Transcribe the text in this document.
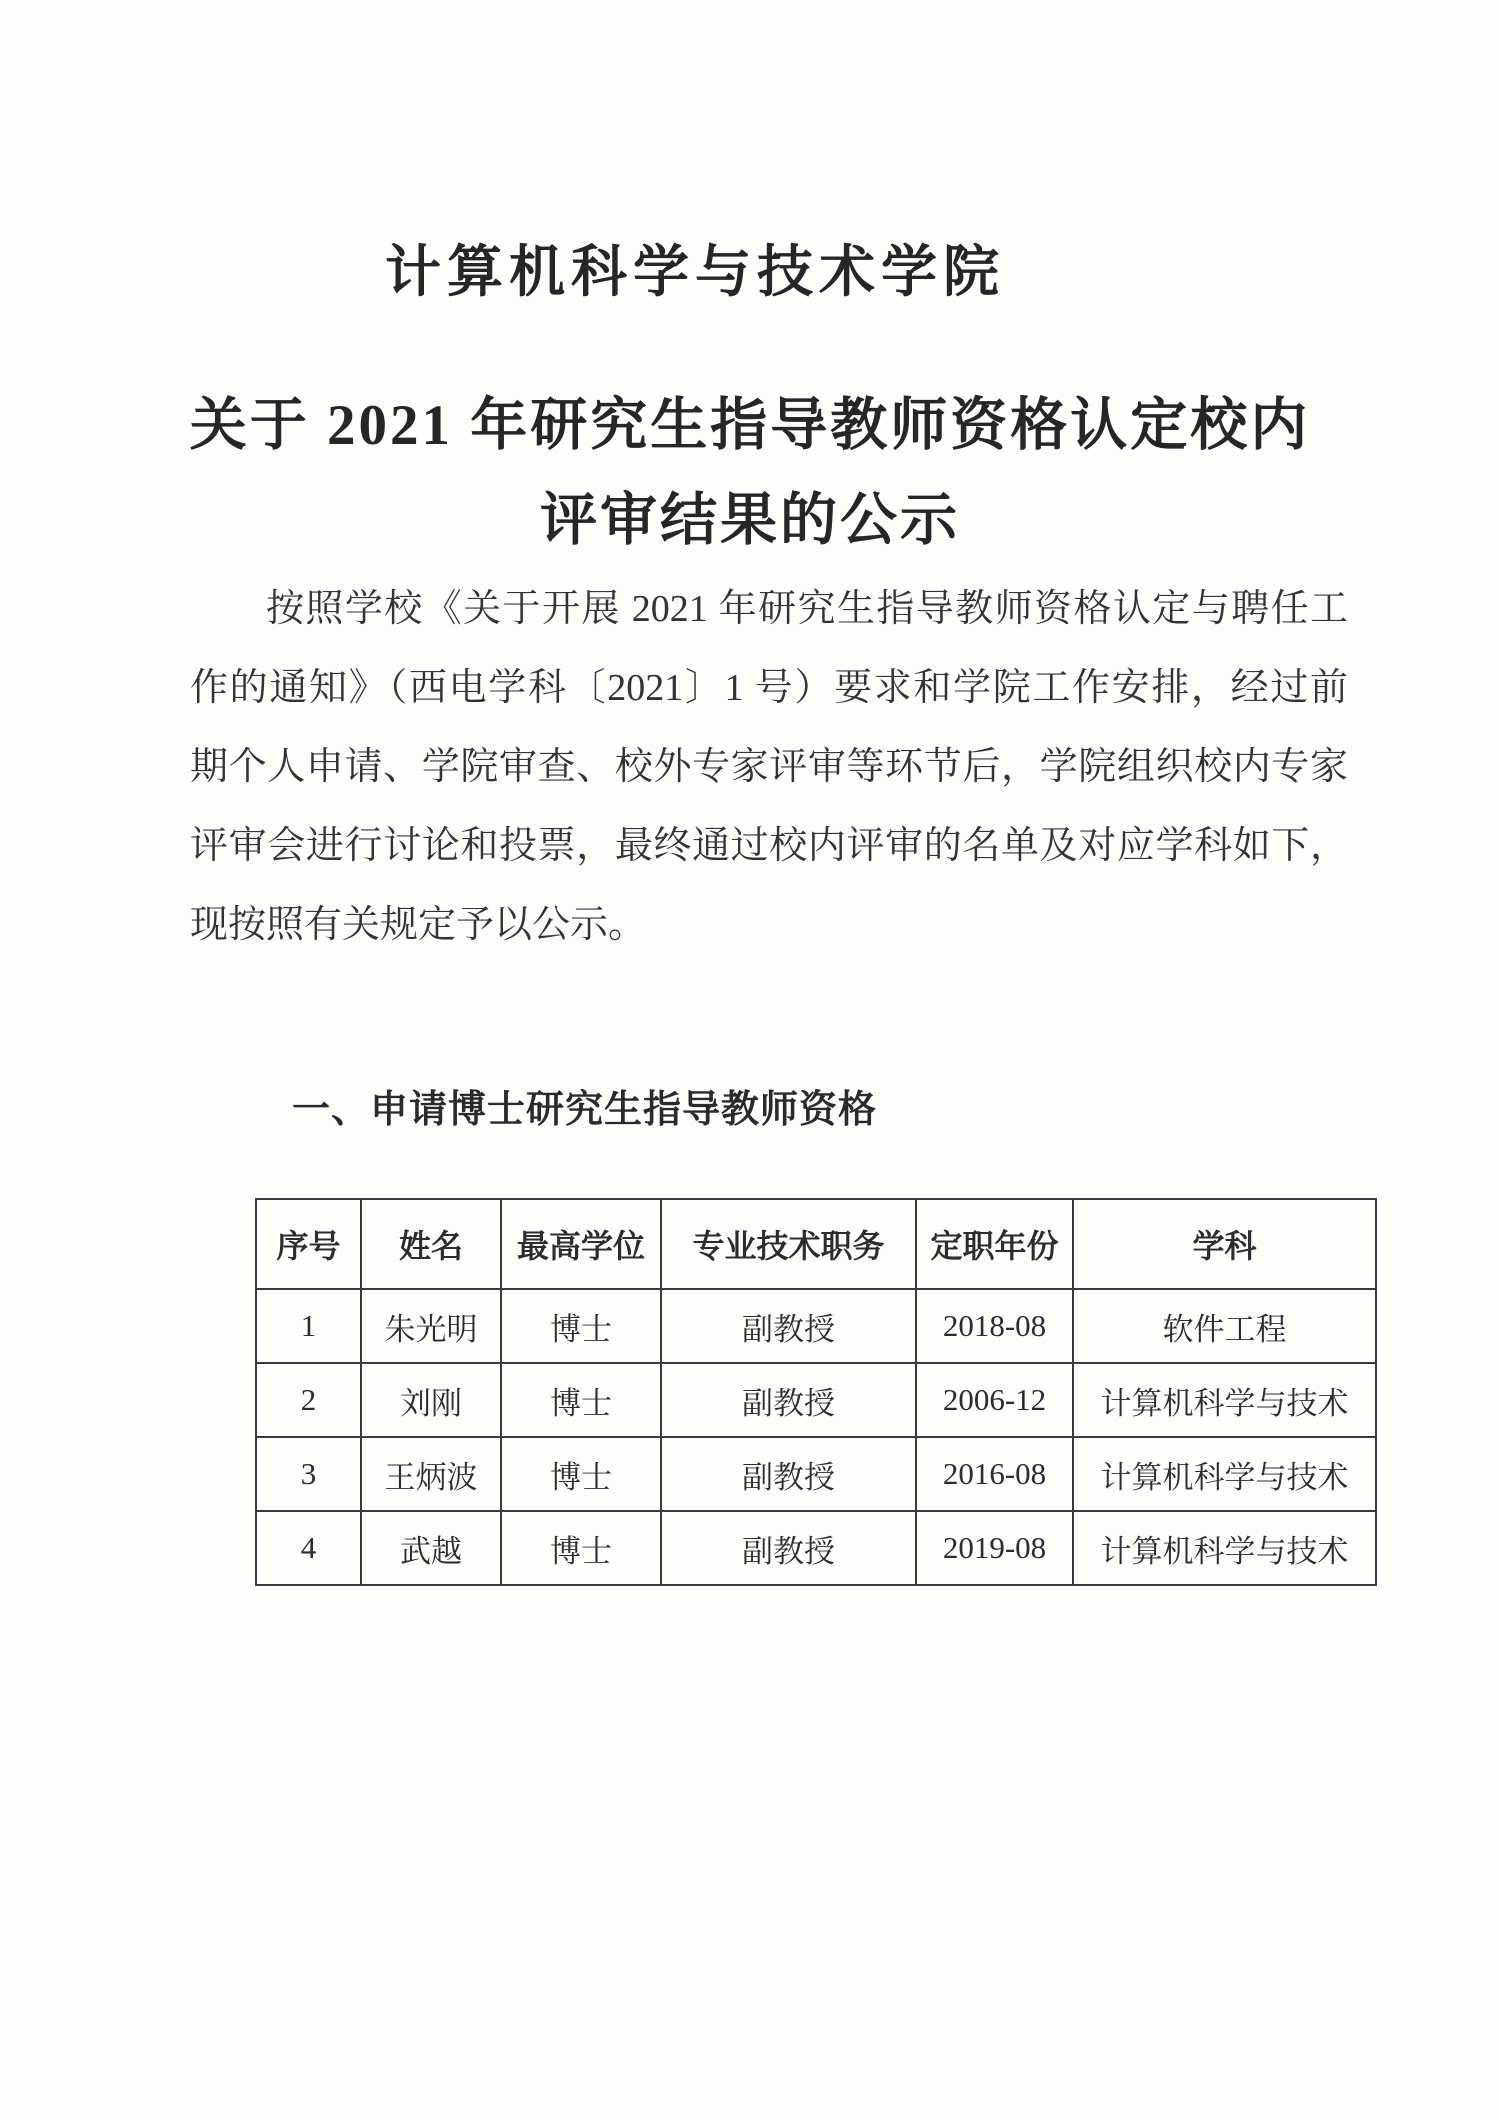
计算机科学与技术学院
关于 2021 年研究生指导教师资格认定校内
评审结果的公示
按照学校《关于开展 2021 年研究生指导教师资格认定与聘任工
作的通知》（西电学科〔2021〕1 号）要求和学院工作安排，经过前
期个人申请、学院审查、校外专家评审等环节后，学院组织校内专家
评审会进行讨论和投票，最终通过校内评审的名单及对应学科如下，
现按照有关规定予以公示。
一、申请博士研究生指导教师资格
序号	姓名	最高学位	专业技术职务	定职年份	学科
1	朱光明	博士	副教授	2018-08	软件工程
2	刘刚	博士	副教授	2006-12	计算机科学与技术
3	王炳波	博士	副教授	2016-08	计算机科学与技术
4	武越	博士	副教授	2019-08	计算机科学与技术
